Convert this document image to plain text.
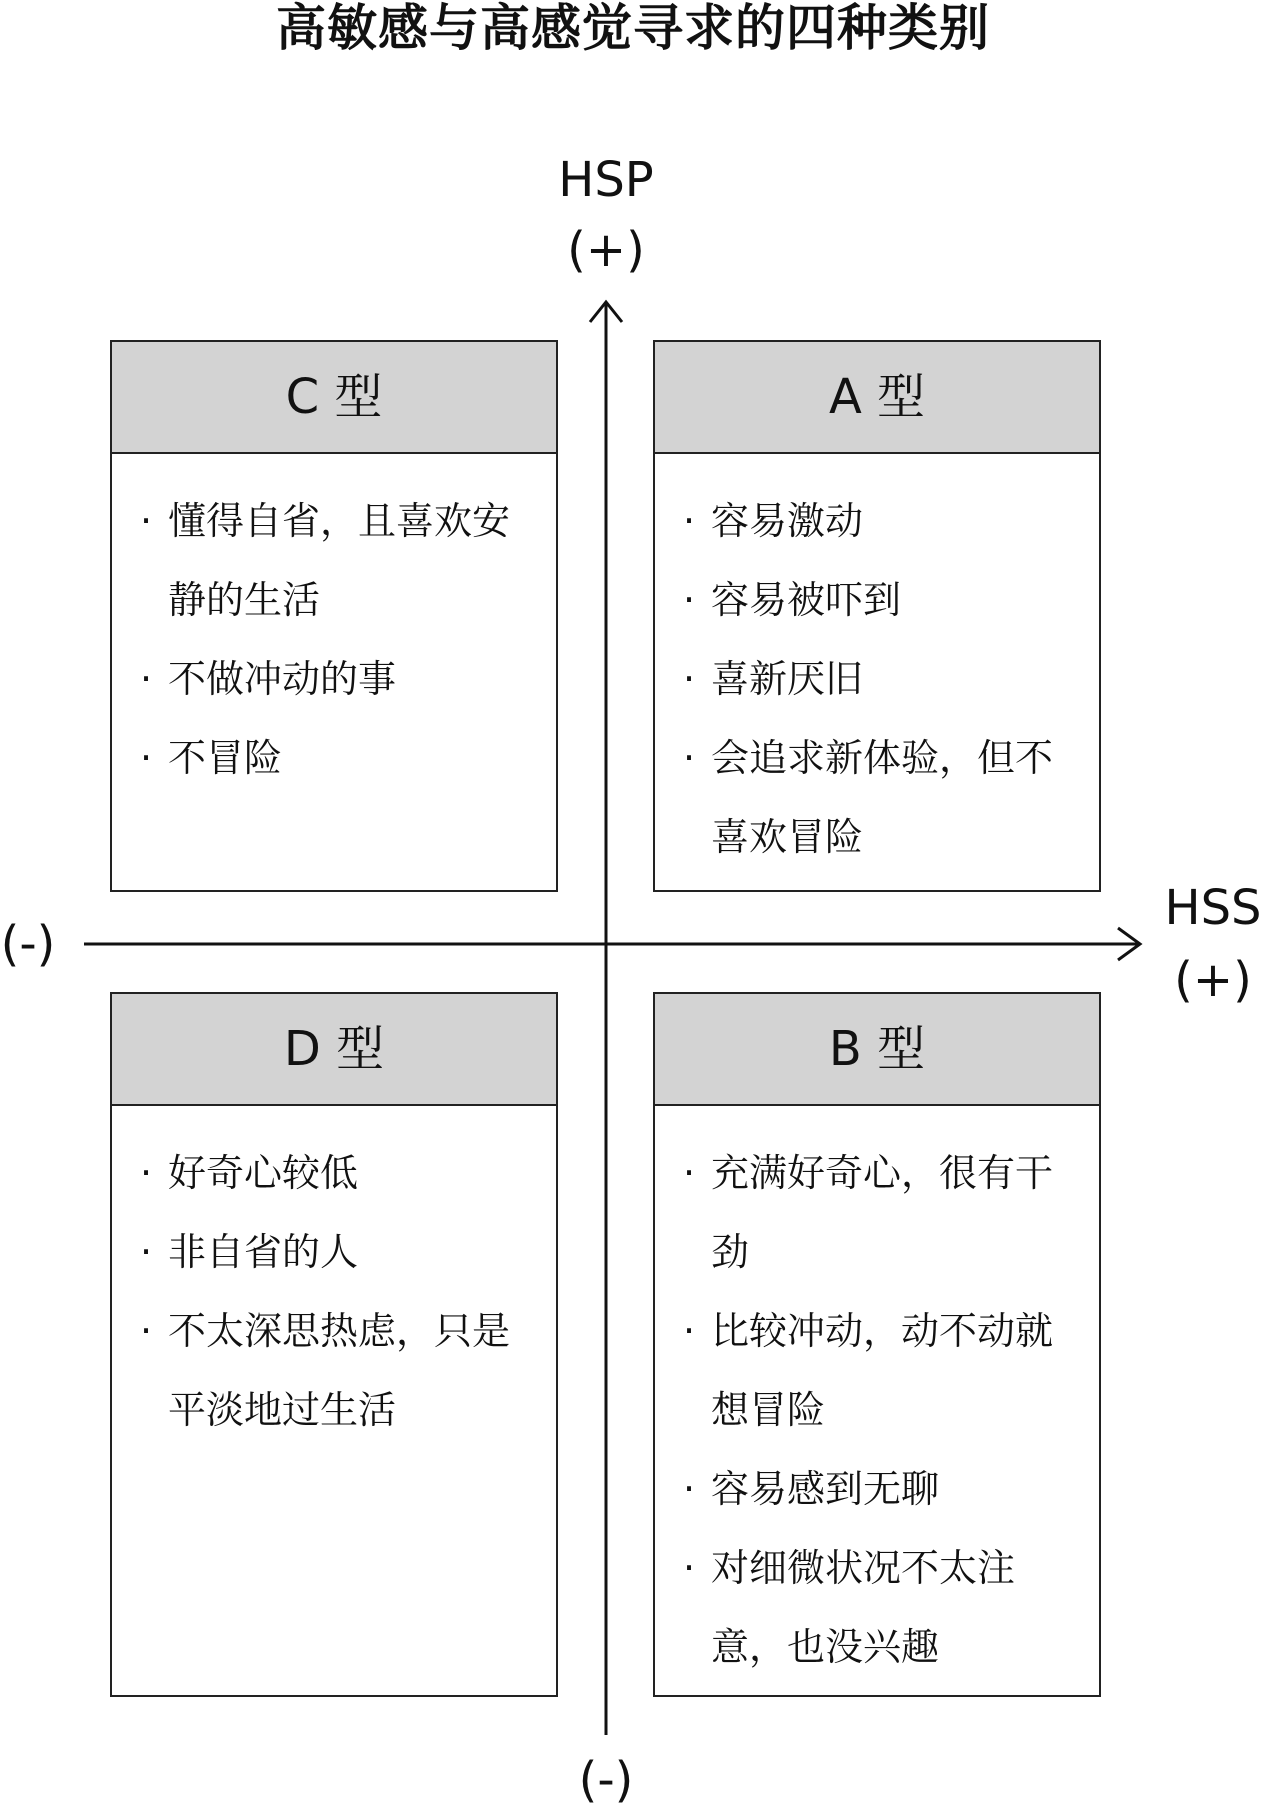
高敏感与高感觉寻求的四种类别
HSP
(+)
(-)
HSS
(+)
(-)
C 型
· 懂得自省，且喜欢安静的生活
· 不做冲动的事
· 不冒险
A 型
· 容易激动
· 容易被吓到
· 喜新厌旧
· 会追求新体验，但不喜欢冒险
D 型
· 好奇心较低
· 非自省的人
· 不太深思热虑，只是平淡地过生活
B 型
· 充满好奇心，很有干劲
· 比较冲动，动不动就想冒险
· 容易感到无聊
· 对细微状况不太注意，也没兴趣
